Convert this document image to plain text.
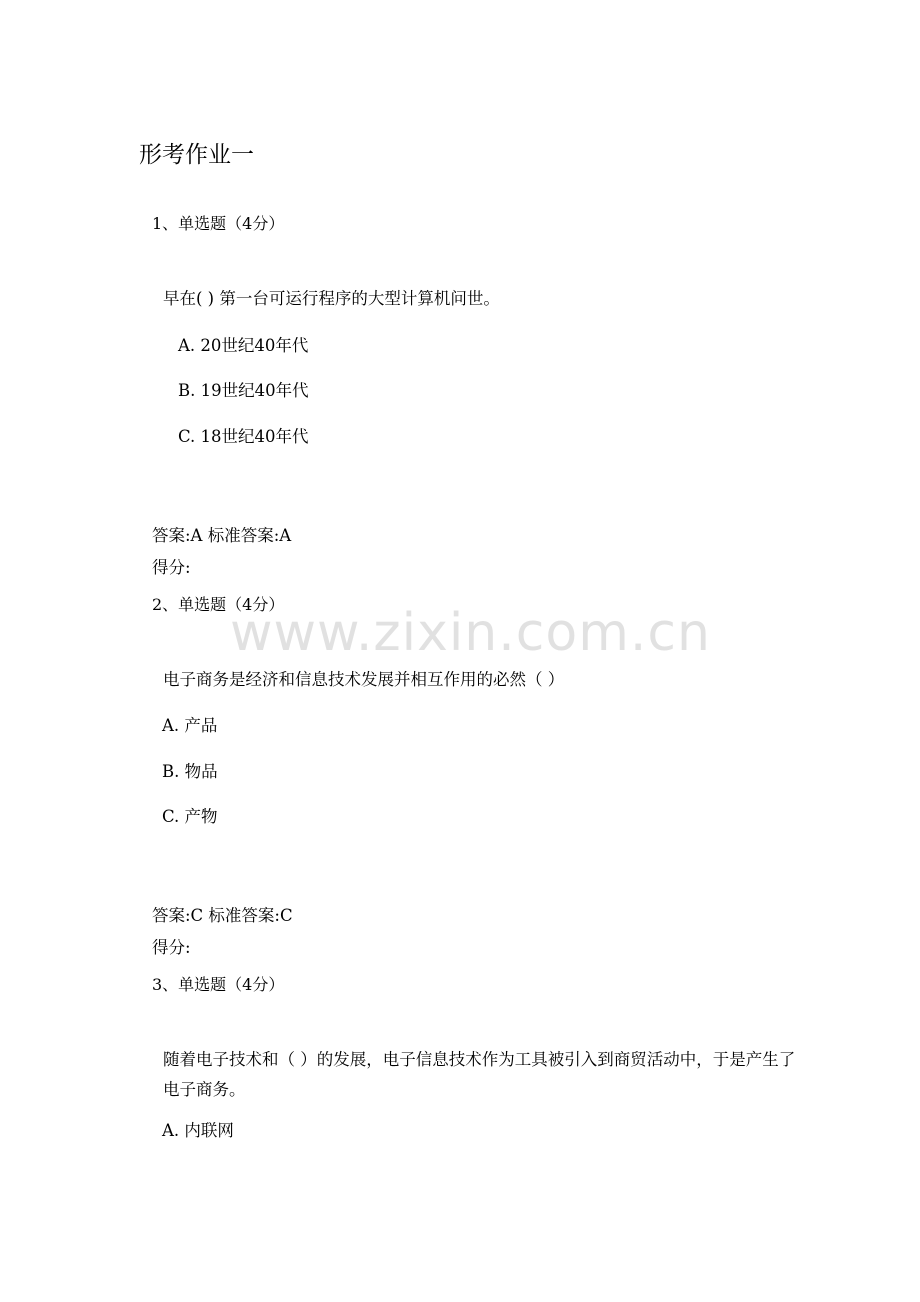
形考作业一
1、单选题（4分）
早在( ) 第一台可运行程序的大型计算机问世。
A. 20世纪40年代
B. 19世纪40年代
C. 18世纪40年代
答案:A 标准答案:A
得分:
2、单选题（4分）
电子商务是经济和信息技术发展并相互作用的必然（ ）
A. 产品
B. 物品
C. 产物
答案:C 标准答案:C
得分:
3、单选题（4分）
随着电子技术和（ ）的发展，电子信息技术作为工具被引入到商贸活动中，于是产生了电子商务。
A. 内联网
www.zixin.com.cn
